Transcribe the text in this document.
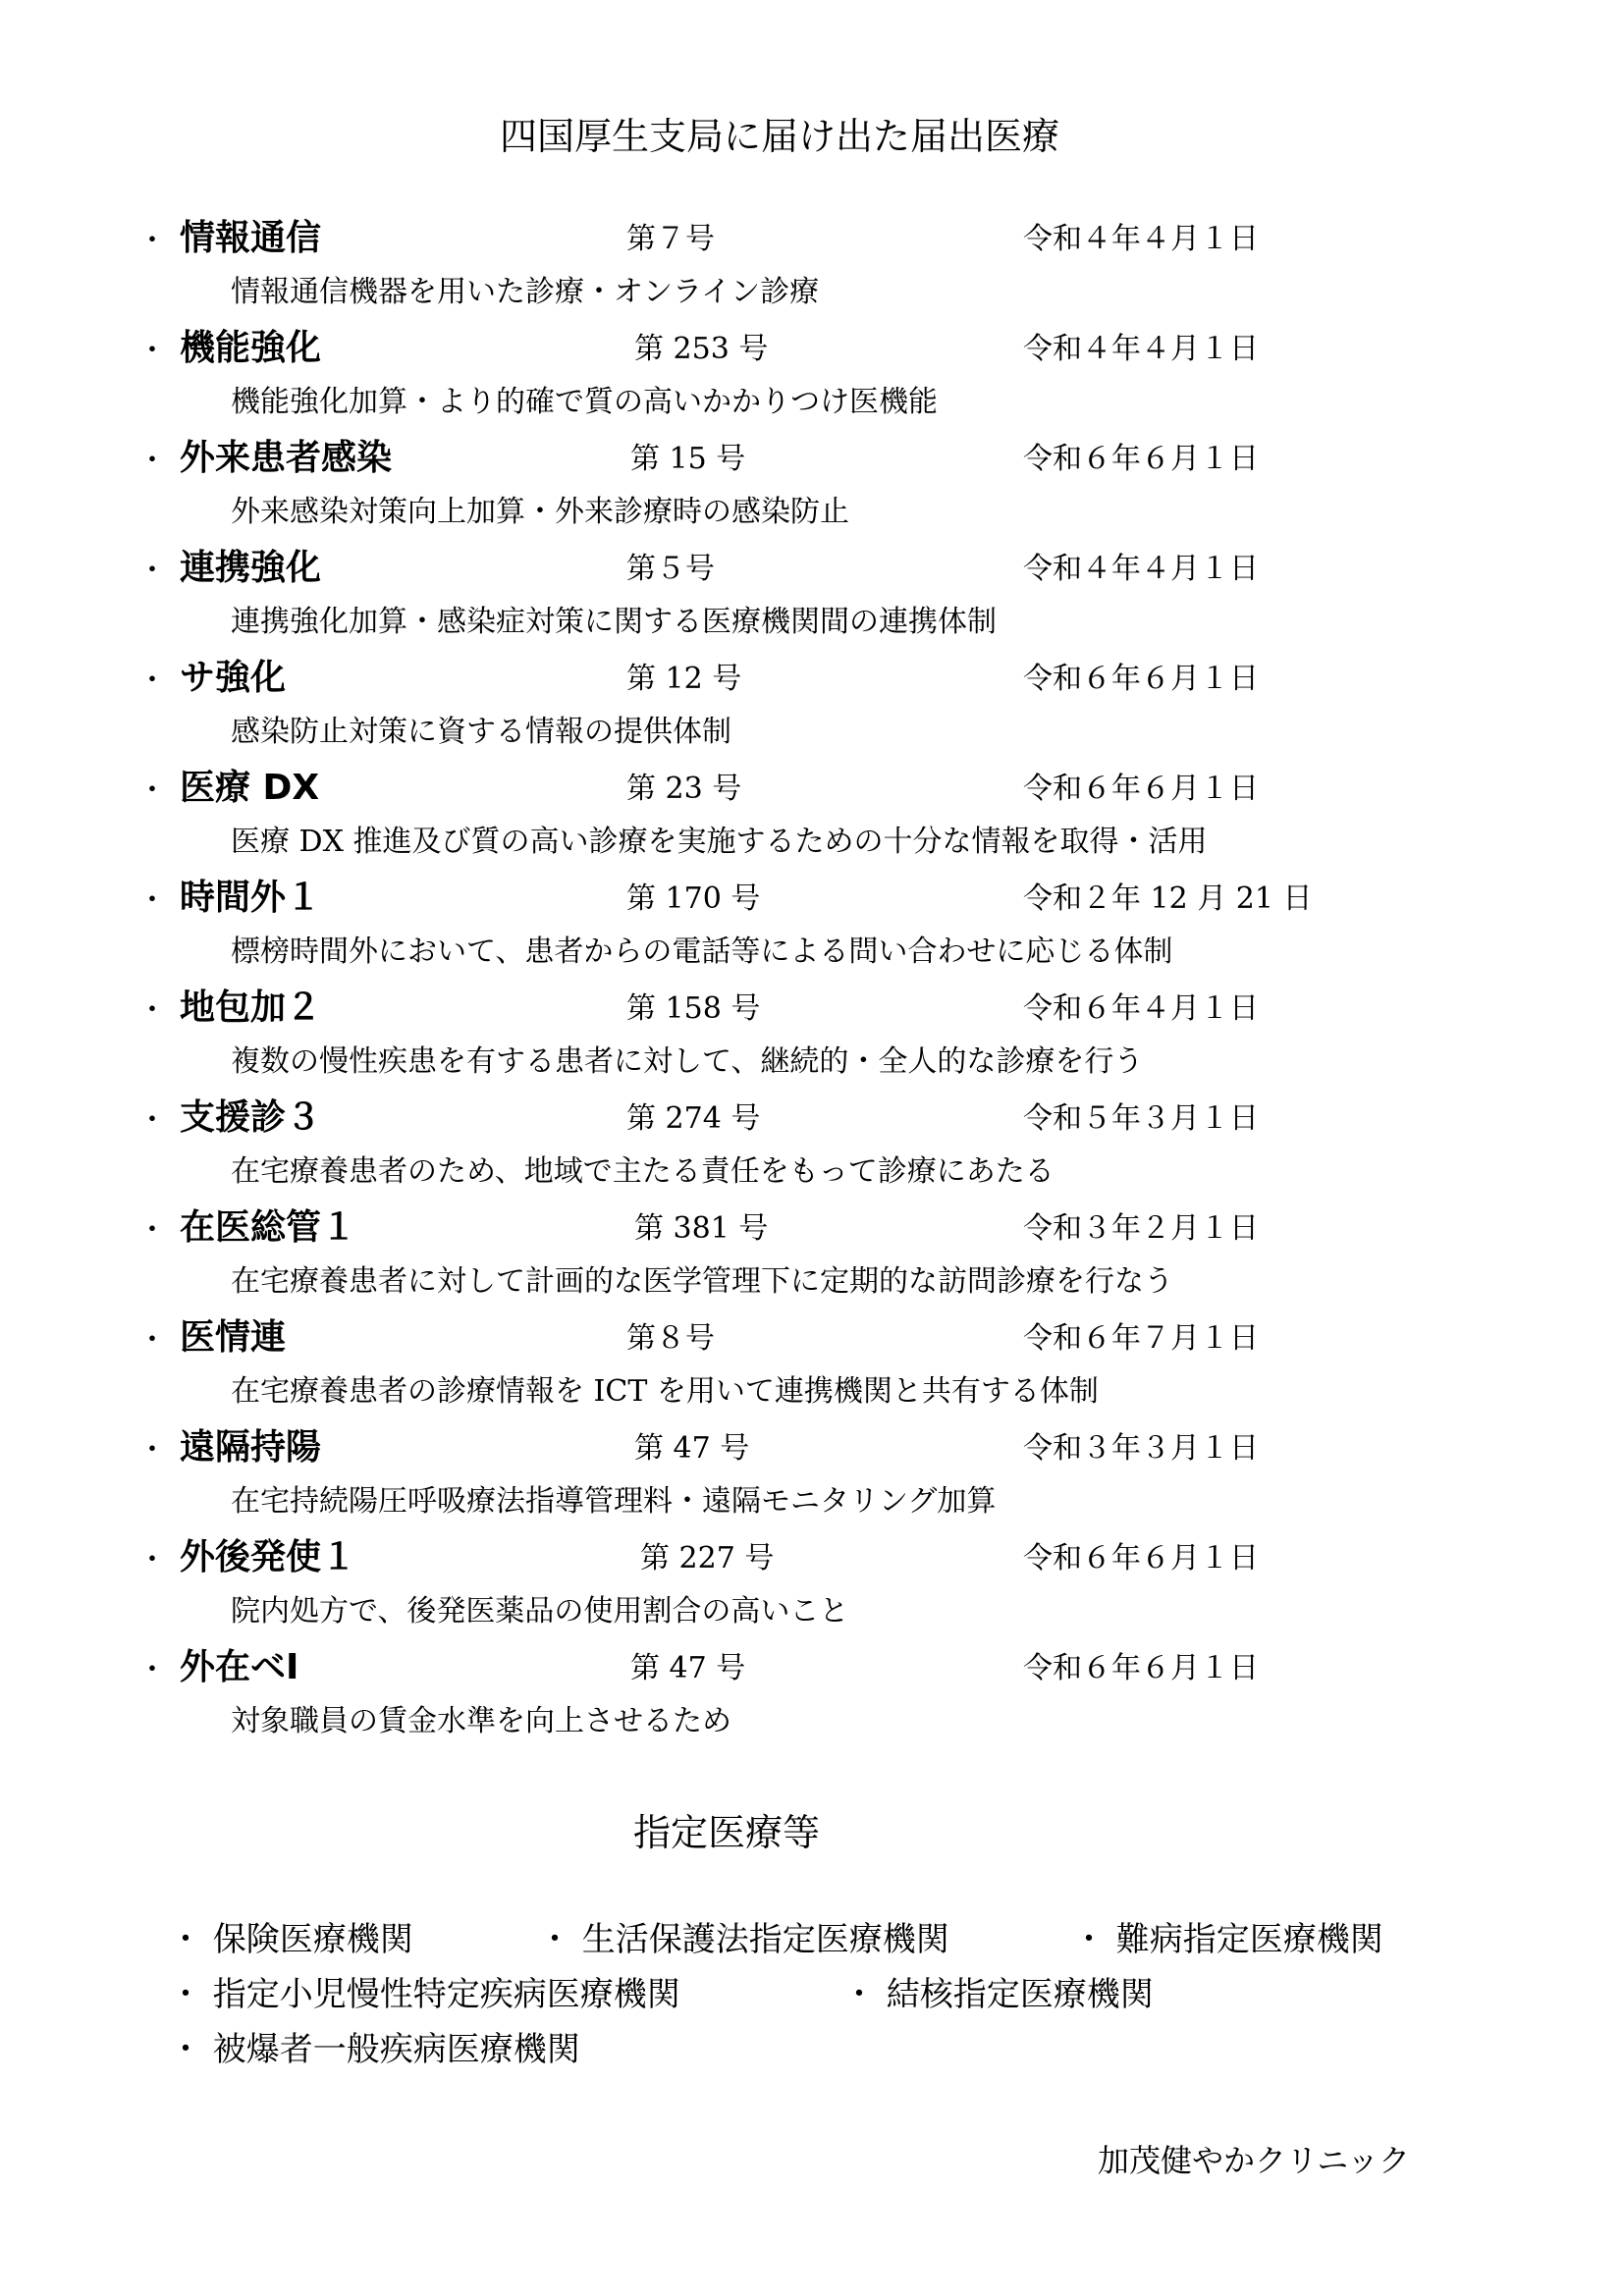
四国厚生支局に届け出た届出医療
・ 情報通信	第７号	令和４年４月１日
情報通信機器を用いた診療・オンライン診療
・ 機能強化	第 253 号	令和４年４月１日
機能強化加算・より的確で質の高いかかりつけ医機能
・ 外来患者感染	第 15 号	令和６年６月１日
外来感染対策向上加算・外来診療時の感染防止
・ 連携強化	第５号	令和４年４月１日
連携強化加算・感染症対策に関する医療機関間の連携体制
・ サ強化	第 12 号	令和６年６月１日
感染防止対策に資する情報の提供体制
・ 医療 DX	第 23 号	令和６年６月１日
医療 DX 推進及び質の高い診療を実施するための十分な情報を取得・活用
・ 時間外１	第 170 号	令和２年 12 月 21 日
標榜時間外において、患者からの電話等による問い合わせに応じる体制
・ 地包加２	第 158 号	令和６年４月１日
複数の慢性疾患を有する患者に対して、継続的・全人的な診療を行う
・ 支援診３	第 274 号	令和５年３月１日
在宅療養患者のため、地域で主たる責任をもって診療にあたる
・ 在医総管１	第 381 号	令和３年２月１日
在宅療養患者に対して計画的な医学管理下に定期的な訪問診療を行なう
・ 医情連	第８号	令和６年７月１日
在宅療養患者の診療情報を ICT を用いて連携機関と共有する体制
・ 遠隔持陽	第 47 号	令和３年３月１日
在宅持続陽圧呼吸療法指導管理料・遠隔モニタリング加算
・ 外後発使１	第 227 号	令和６年６月１日
院内処方で、後発医薬品の使用割合の高いこと
・ 外在ベⅠ	第 47 号	令和６年６月１日
対象職員の賃金水準を向上させるため
指定医療等
・ 保険医療機関	・ 生活保護法指定医療機関	・ 難病指定医療機関
・ 指定小児慢性特定疾病医療機関	・ 結核指定医療機関
・ 被爆者一般疾病医療機関
加茂健やかクリニック
